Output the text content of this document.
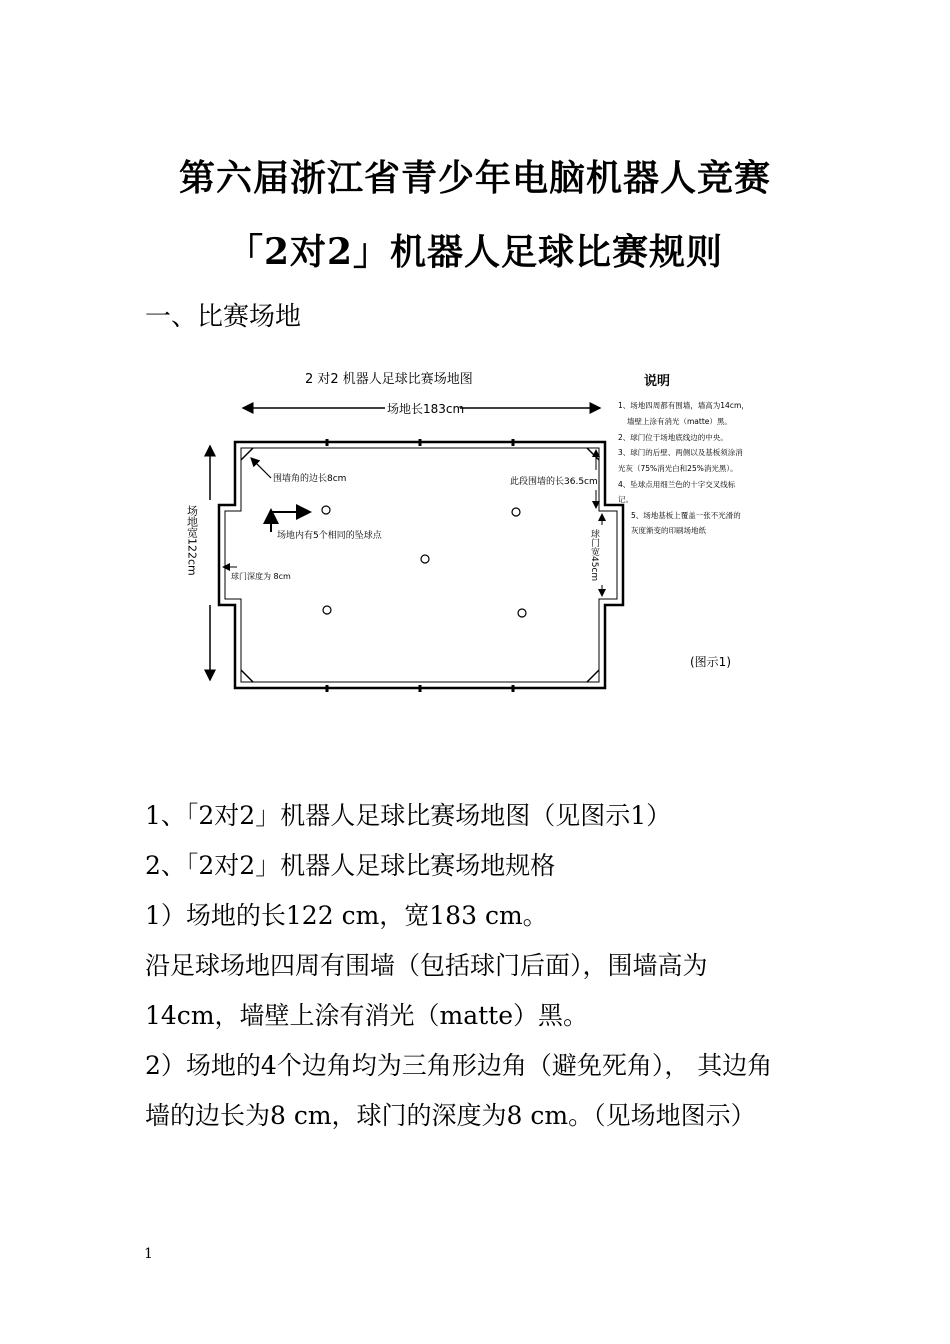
第六届浙江省青少年电脑机器人竞赛
「2对2」机器人足球比赛规则
一、比赛场地
2 对2 机器人足球比赛场地图
场地长183cm
场地宽122cm
围墙角的边长8cm
场地内有5个相同的坠球点
此段围墙的长36.5cm
球门深度为 8cm	球门宽45cm
(图示1)
说明
1、场地四周都有围墙，墙高为14cm，
墙壁上涂有消光（matte）黑。
2、球门位于场地底线边的中央。
3、球门的后壁、两侧以及基板须涂消
光灰（75%消光白和25%消光黑）。
4、坠球点用细兰色的十字交叉线标
记。
5、场地基板上覆盖一张不光滑的
灰度渐变的印刷场地纸
1、「2对2」机器人足球比赛场地图（见图示1）
2、「2对2」机器人足球比赛场地规格
1）场地的长122 cm，宽183 cm。
沿足球场地四周有围墙（包括球门后面），围墙高为
14cm，墙壁上涂有消光（matte）黑。
2）场地的4个边角均为三角形边角（避免死角）， 其边角
墙的边长为8 cm，球门的深度为8 cm。（见场地图示）
1
